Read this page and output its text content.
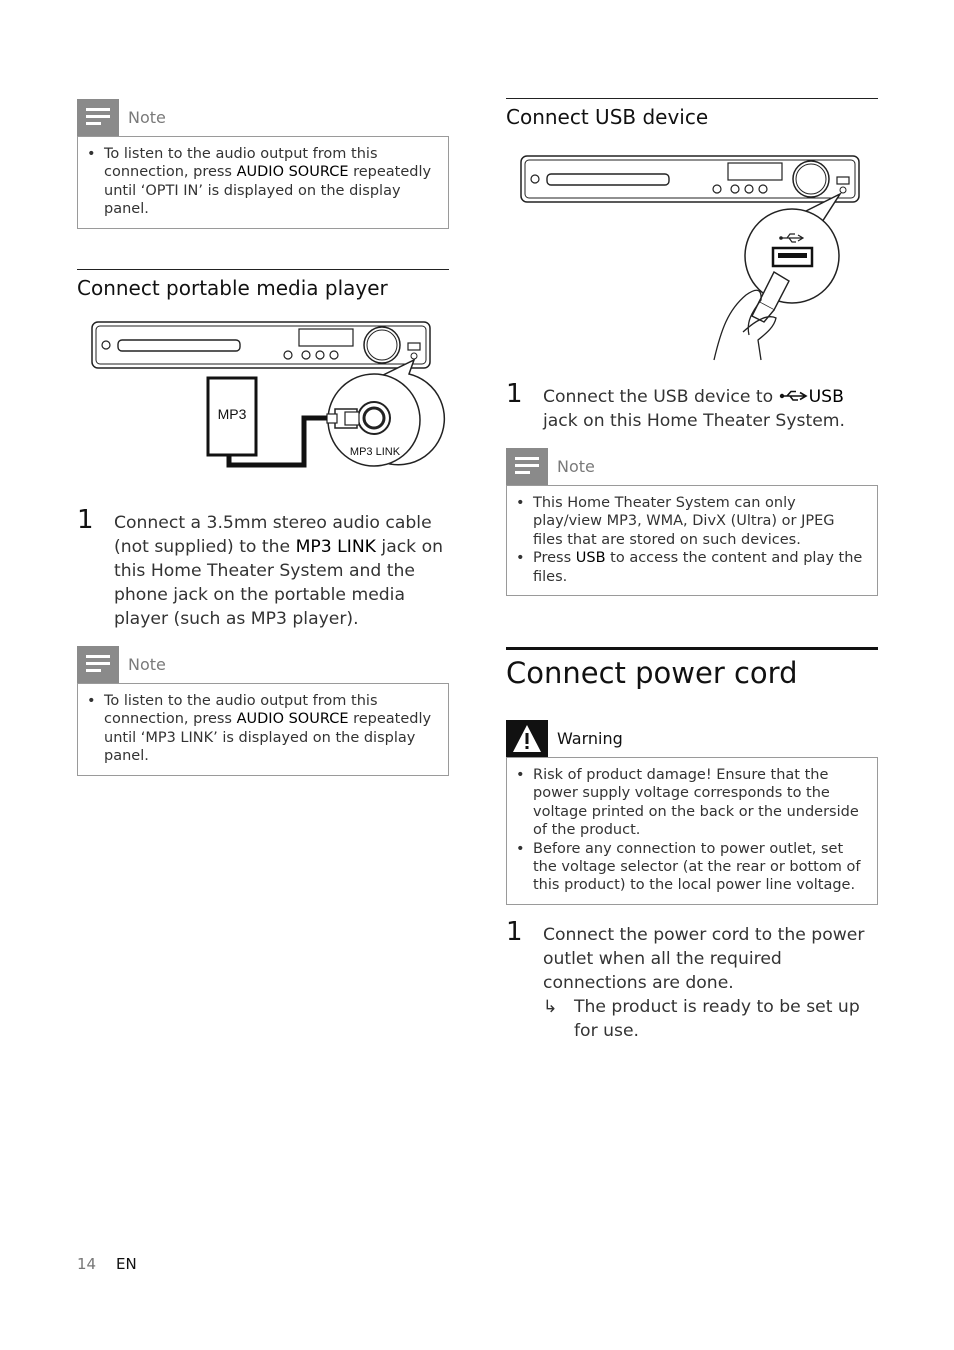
Note
• To listen to the audio output from this connection, press AUDIO SOURCE repeatedly until ‘OPTI IN’ is displayed on the display panel.
Connect portable media player
MP3
MP3 LINK
1 Connect a 3.5mm stereo audio cable (not supplied) to the MP3 LINK jack on this Home Theater System and the phone jack on the portable media player (such as MP3 player).
Note
• To listen to the audio output from this connection, press AUDIO SOURCE repeatedly until ‘MP3 LINK’ is displayed on the display panel.
Connect USB device
1 Connect the USB device to USB jack on this Home Theater System.
Note
• This Home Theater System can only play/view MP3, WMA, DivX (Ultra) or JPEG files that are stored on such devices.
• Press USB to access the content and play the files.
Connect power cord
Warning
• Risk of product damage! Ensure that the power supply voltage corresponds to the voltage printed on the back or the underside of the product.
• Before any connection to power outlet, set the voltage selector (at the rear or bottom of this product) to the local power line voltage.
1 Connect the power cord to the power outlet when all the required connections are done.
↳ The product is ready to be set up for use.
14 EN
